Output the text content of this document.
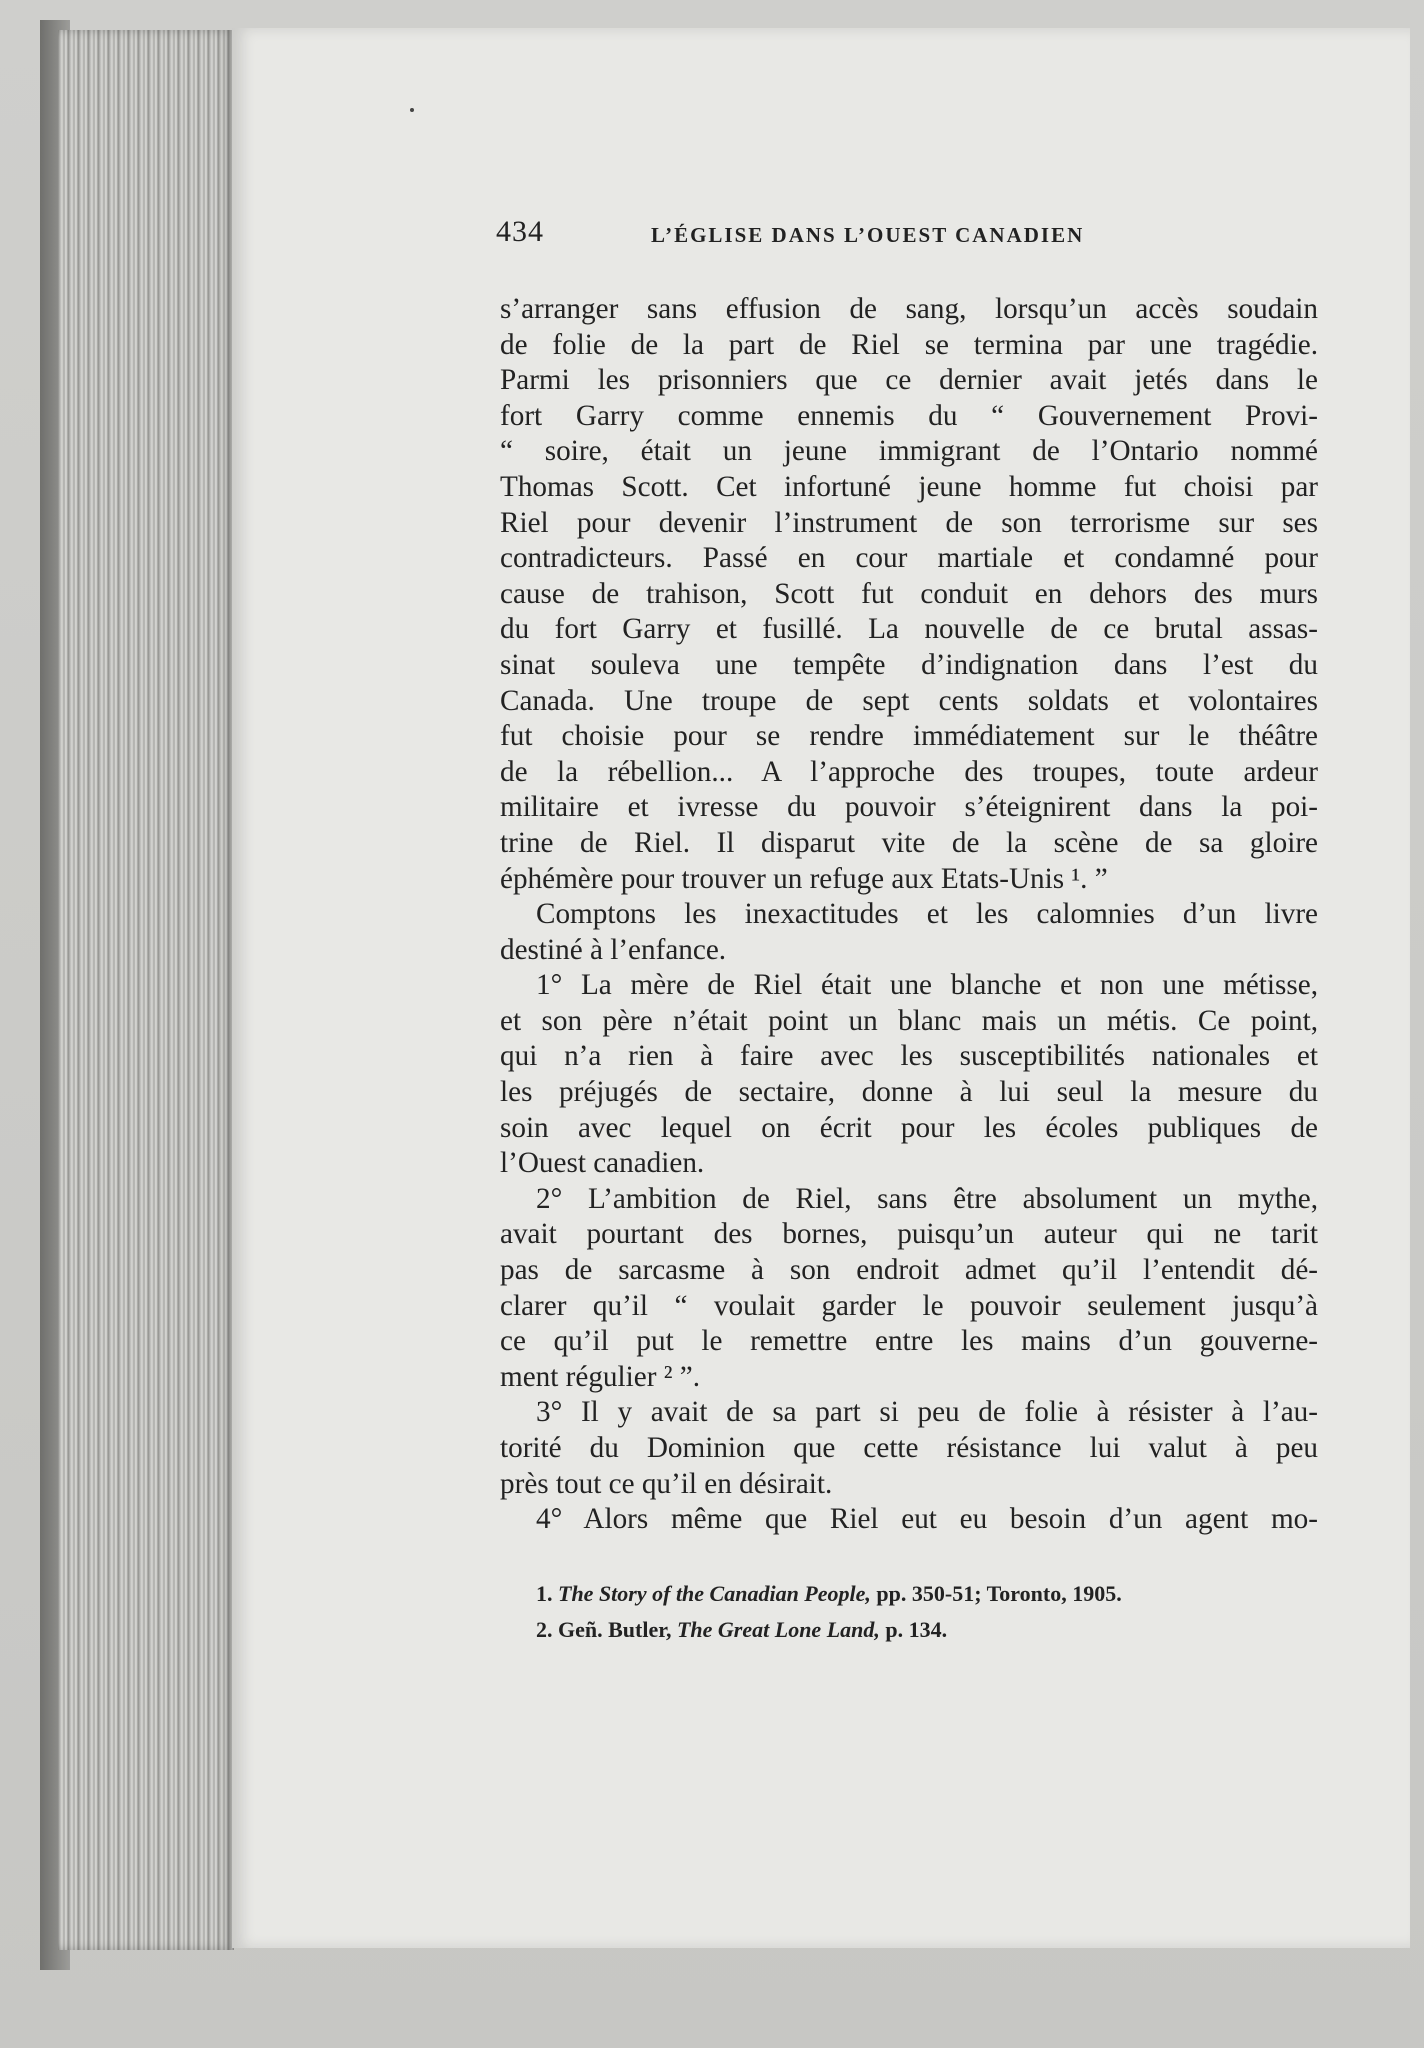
434	L’ÉGLISE DANS L’OUEST CANADIEN
s’arranger sans effusion de sang, lorsqu’un accès soudain
de folie de la part de Riel se termina par une tragédie.
Parmi les prisonniers que ce dernier avait jetés dans le
fort Garry comme ennemis du “ Gouvernement Provi-
“ soire, était un jeune immigrant de l’Ontario nommé
Thomas Scott. Cet infortuné jeune homme fut choisi par
Riel pour devenir l’instrument de son terrorisme sur ses
contradicteurs. Passé en cour martiale et condamné pour
cause de trahison, Scott fut conduit en dehors des murs
du fort Garry et fusillé. La nouvelle de ce brutal assas-
sinat souleva une tempête d’indignation dans l’est du
Canada. Une troupe de sept cents soldats et volontaires
fut choisie pour se rendre immédiatement sur le théâtre
de la rébellion... A l’approche des troupes, toute ardeur
militaire et ivresse du pouvoir s’éteignirent dans la poi-
trine de Riel. Il disparut vite de la scène de sa gloire
éphémère pour trouver un refuge aux Etats-Unis ¹. ”
Comptons les inexactitudes et les calomnies d’un livre
destiné à l’enfance.
1° La mère de Riel était une blanche et non une métisse,
et son père n’était point un blanc mais un métis. Ce point,
qui n’a rien à faire avec les susceptibilités nationales et
les préjugés de sectaire, donne à lui seul la mesure du
soin avec lequel on écrit pour les écoles publiques de
l’Ouest canadien.
2° L’ambition de Riel, sans être absolument un mythe,
avait pourtant des bornes, puisqu’un auteur qui ne tarit
pas de sarcasme à son endroit admet qu’il l’entendit dé-
clarer qu’il “ voulait garder le pouvoir seulement jusqu’à
ce qu’il put le remettre entre les mains d’un gouverne-
ment régulier ² ”.
3° Il y avait de sa part si peu de folie à résister à l’au-
torité du Dominion que cette résistance lui valut à peu
près tout ce qu’il en désirait.
4° Alors même que Riel eut eu besoin d’un agent mo-
1. The Story of the Canadian People, pp. 350-51; Toronto, 1905.
2. Geñ. Butler, The Great Lone Land, p. 134.
